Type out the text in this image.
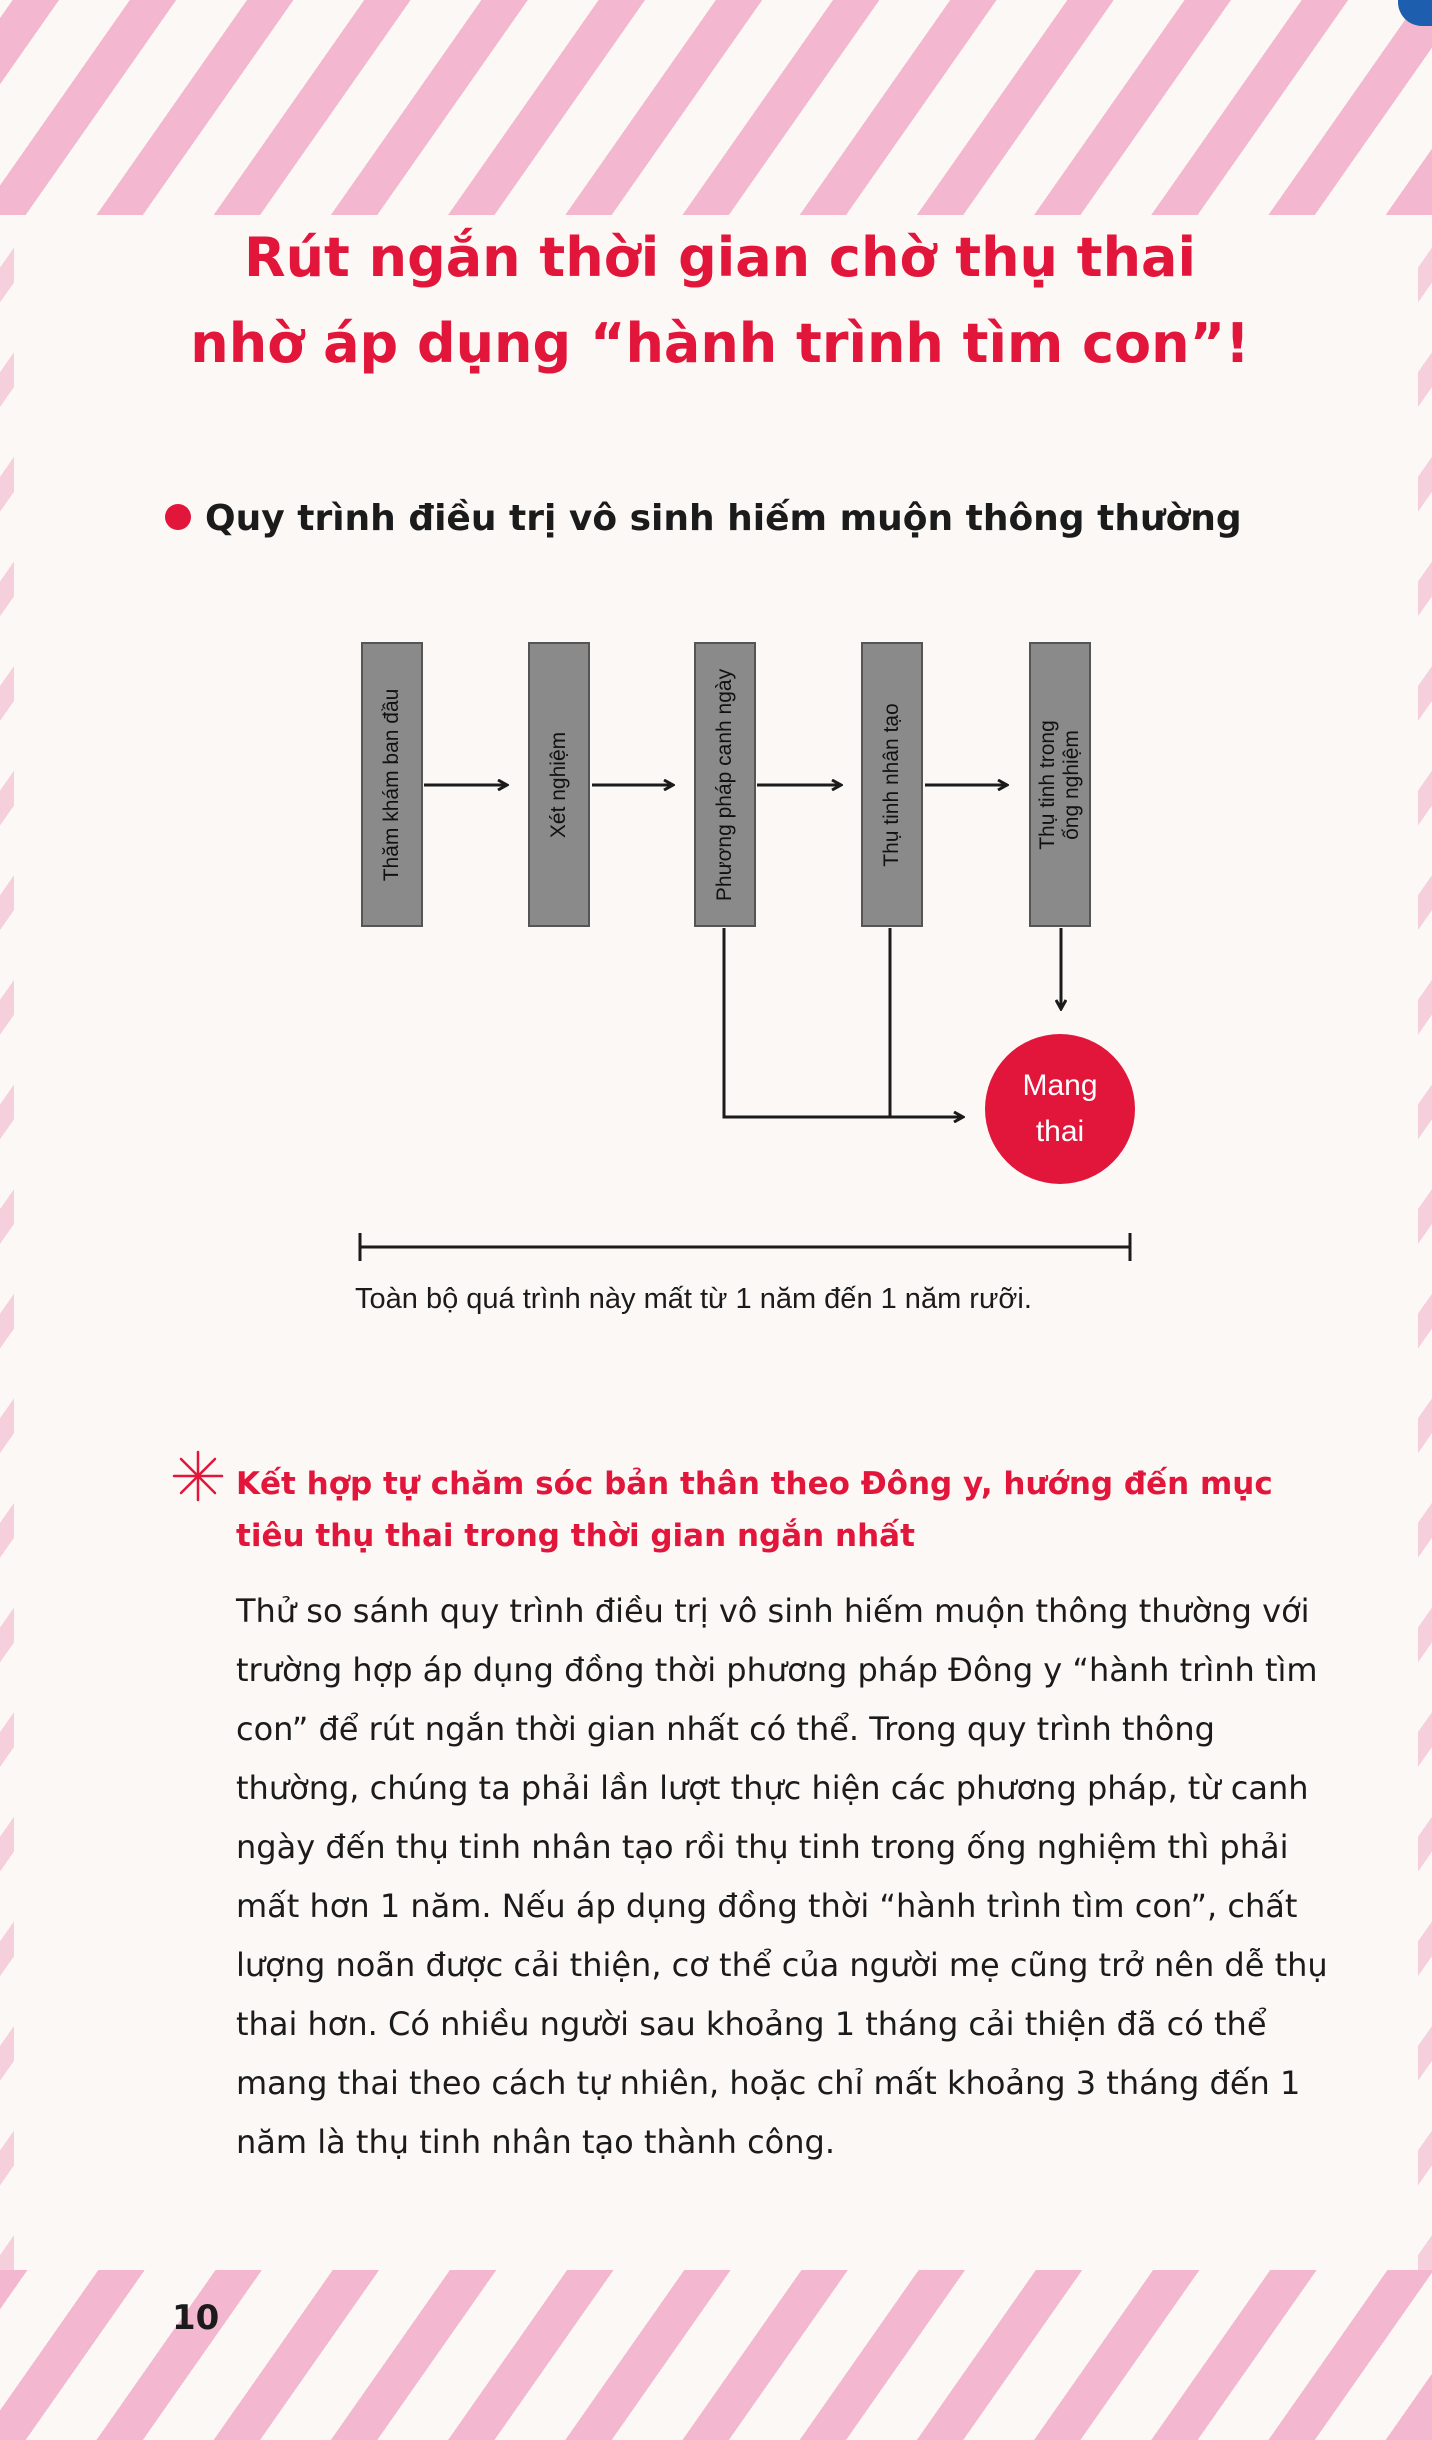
Rút ngắn thời gian chờ thụ thai
nhờ áp dụng “hành trình tìm con”!
Quy trình điều trị vô sinh hiếm muộn thông thường
Thăm khám ban đầu	Xét nghiệm	Phương pháp canh ngày	Thụ tinh nhân tạo	Thụ tinh trong
ống nghiệm
Mang thai
Toàn bộ quá trình này mất từ 1 năm đến 1 năm rưỡi.
Kết hợp tự chăm sóc bản thân theo Đông y, hướng đến mục tiêu thụ thai trong thời gian ngắn nhất

Thử so sánh quy trình điều trị vô sinh hiếm muộn thông thường với trường hợp áp dụng đồng thời phương pháp Đông y “hành trình tìm con” để rút ngắn thời gian nhất có thể. Trong quy trình thông thường, chúng ta phải lần lượt thực hiện các phương pháp, từ canh ngày đến thụ tinh nhân tạo rồi thụ tinh trong ống nghiệm thì phải mất hơn 1 năm. Nếu áp dụng đồng thời “hành trình tìm con”, chất lượng noãn được cải thiện, cơ thể của người mẹ cũng trở nên dễ thụ thai hơn. Có nhiều người sau khoảng 1 tháng cải thiện đã có thể mang thai theo cách tự nhiên, hoặc chỉ mất khoảng 3 tháng đến 1 năm là thụ tinh nhân tạo thành công.

10
